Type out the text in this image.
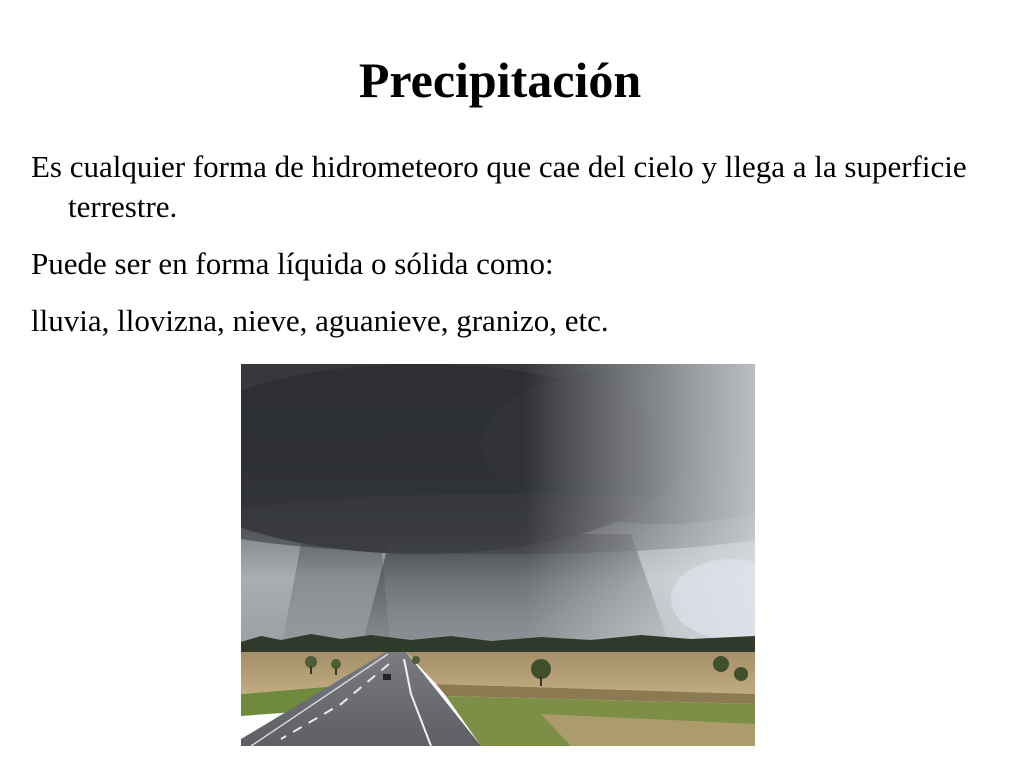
Precipitación
Es cualquier forma de hidrometeoro que cae del cielo y llega a la superficie terrestre.
Puede ser en forma líquida o sólida como:
lluvia, llovizna, nieve, aguanieve, granizo, etc.
